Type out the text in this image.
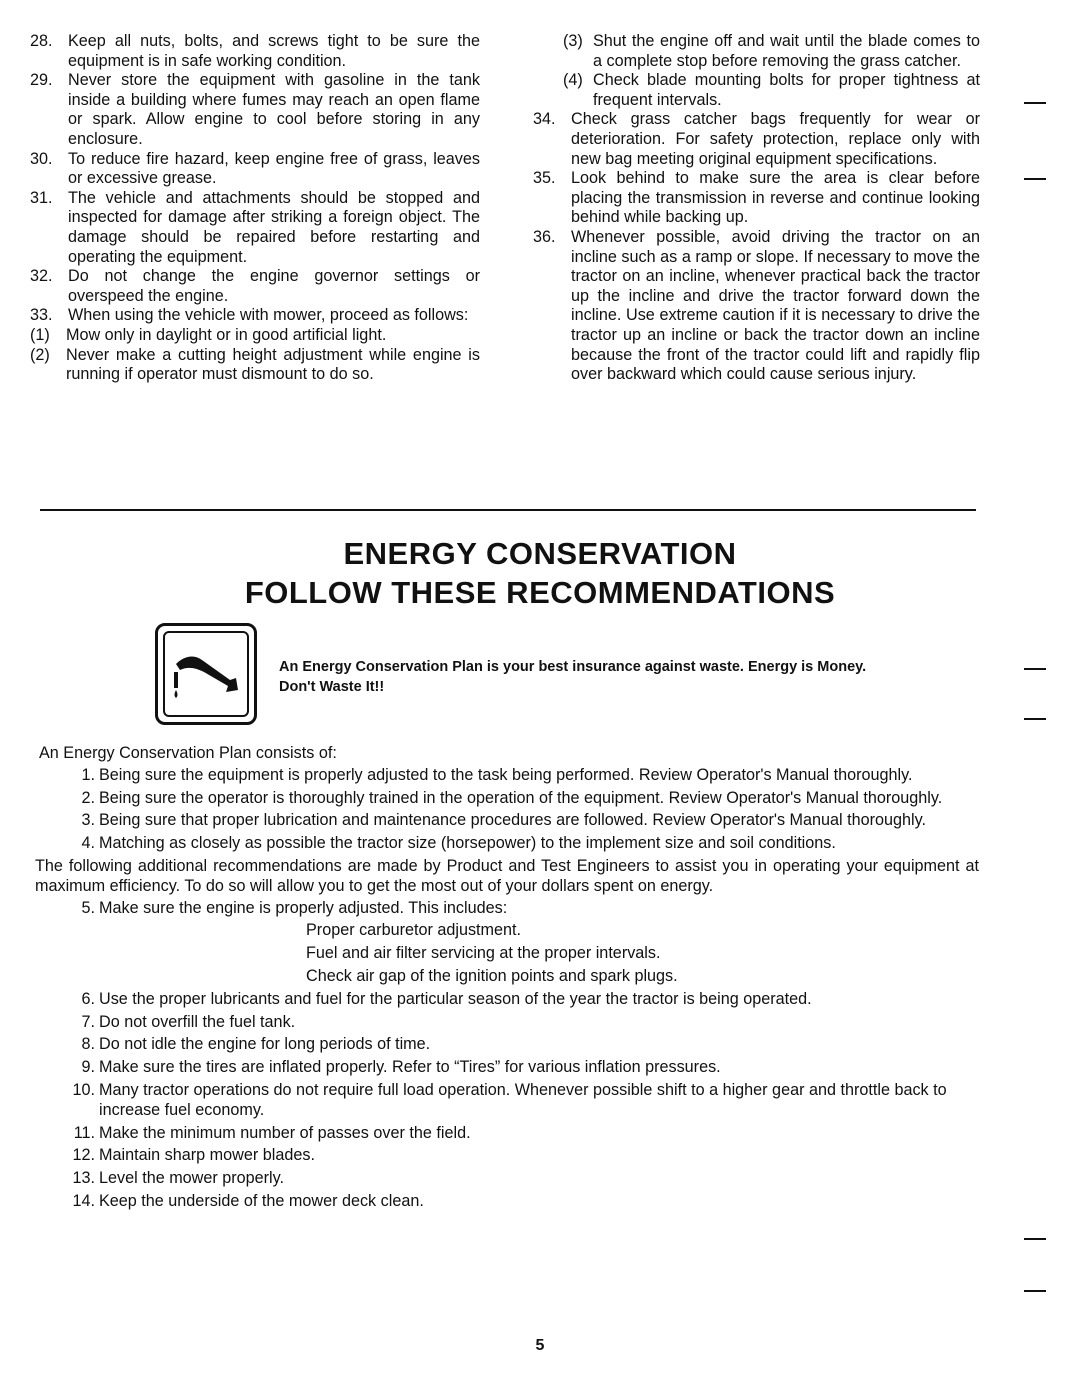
28. Keep all nuts, bolts, and screws tight to be sure the equipment is in safe working condition.
29. Never store the equipment with gasoline in the tank inside a building where fumes may reach an open flame or spark. Allow engine to cool before storing in any enclosure.
30. To reduce fire hazard, keep engine free of grass, leaves or excessive grease.
31. The vehicle and attachments should be stopped and inspected for damage after striking a foreign object. The damage should be repaired before restarting and operating the equipment.
32. Do not change the engine governor settings or overspeed the engine.
33. When using the vehicle with mower, proceed as follows:
(1) Mow only in daylight or in good artificial light.
(2) Never make a cutting height adjustment while engine is running if operator must dismount to do so.
(3) Shut the engine off and wait until the blade comes to a complete stop before removing the grass catcher.
(4) Check blade mounting bolts for proper tightness at frequent intervals.
34. Check grass catcher bags frequently for wear or deterioration. For safety protection, replace only with new bag meeting original equipment specifications.
35. Look behind to make sure the area is clear before placing the transmission in reverse and continue looking behind while backing up.
36. Whenever possible, avoid driving the tractor on an incline such as a ramp or slope. If necessary to move the tractor on an incline, whenever practical back the tractor up the incline and drive the tractor forward down the incline. Use extreme caution if it is necessary to drive the tractor up an incline or back the tractor down an incline because the front of the tractor could lift and rapidly flip over backward which could cause serious injury.
ENERGY CONSERVATION
FOLLOW THESE RECOMMENDATIONS
An Energy Conservation Plan is your best insurance against waste. Energy is Money. Don't Waste It!!
An Energy Conservation Plan consists of:
1. Being sure the equipment is properly adjusted to the task being performed. Review Operator's Manual thoroughly.
2. Being sure the operator is thoroughly trained in the operation of the equipment. Review Operator's Manual thoroughly.
3. Being sure that proper lubrication and maintenance procedures are followed. Review Operator's Manual thoroughly.
4. Matching as closely as possible the tractor size (horsepower) to the implement size and soil conditions.
The following additional recommendations are made by Product and Test Engineers to assist you in operating your equipment at maximum efficiency. To do so will allow you to get the most out of your dollars spent on energy.
5. Make sure the engine is properly adjusted. This includes:
Proper carburetor adjustment.
Fuel and air filter servicing at the proper intervals.
Check air gap of the ignition points and spark plugs.
6. Use the proper lubricants and fuel for the particular season of the year the tractor is being operated.
7. Do not overfill the fuel tank.
8. Do not idle the engine for long periods of time.
9. Make sure the tires are inflated properly. Refer to “Tires” for various inflation pressures.
10. Many tractor operations do not require full load operation. Whenever possible shift to a higher gear and throttle back to increase fuel economy.
11. Make the minimum number of passes over the field.
12. Maintain sharp mower blades.
13. Level the mower properly.
14. Keep the underside of the mower deck clean.
5
